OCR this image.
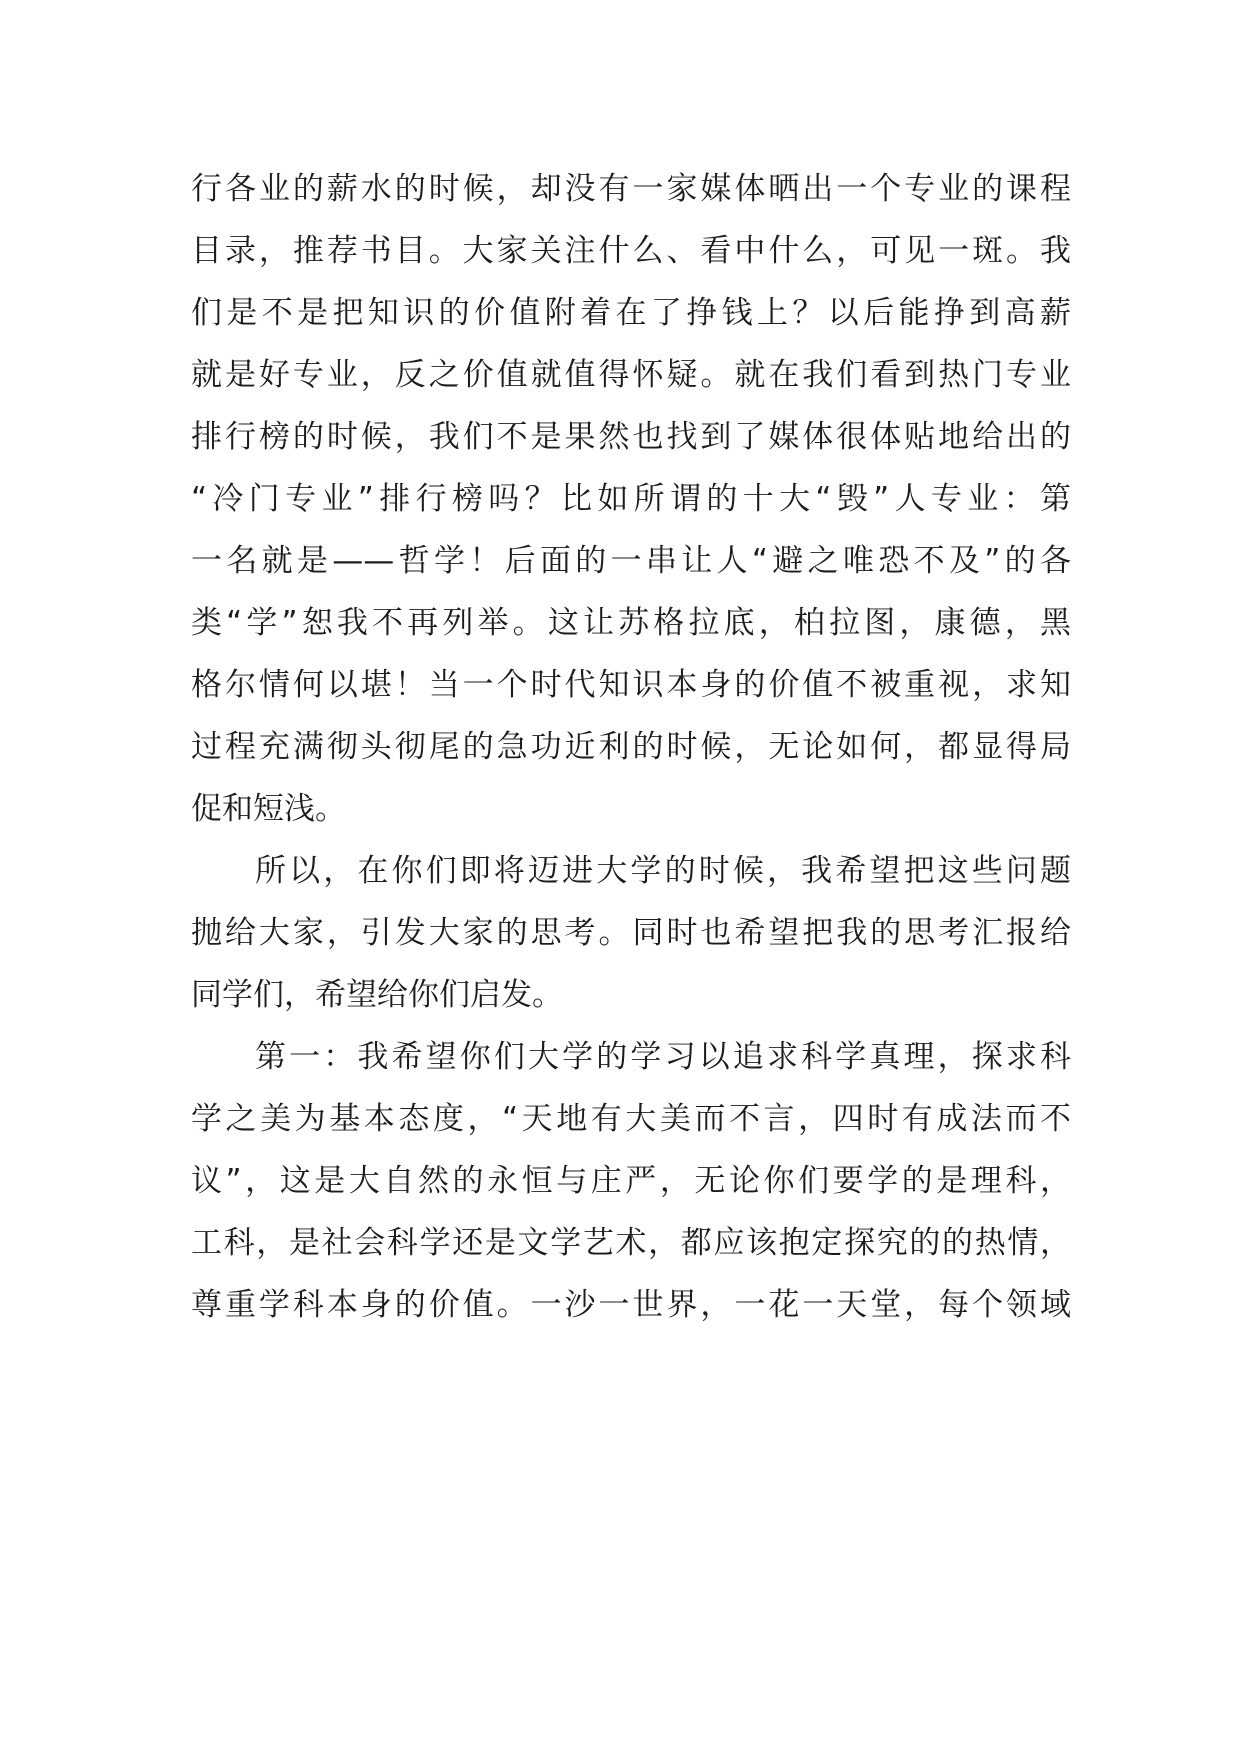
行各业的薪水的时候，却没有一家媒体晒出一个专业的课程
目录，推荐书目。大家关注什么、看中什么，可见一斑。我
们是不是把知识的价值附着在了挣钱上？以后能挣到高薪
就是好专业，反之价值就值得怀疑。就在我们看到热门专业
排行榜的时候，我们不是果然也找到了媒体很体贴地给出的
“冷门专业”排行榜吗？比如所谓的十大“毁”人专业：第
一名就是——哲学！后面的一串让人“避之唯恐不及”的各
类“学”恕我不再列举。这让苏格拉底，柏拉图，康德，黑
格尔情何以堪！当一个时代知识本身的价值不被重视，求知
过程充满彻头彻尾的急功近利的时候，无论如何，都显得局
促和短浅。
所以，在你们即将迈进大学的时候，我希望把这些问题
抛给大家，引发大家的思考。同时也希望把我的思考汇报给
同学们，希望给你们启发。
第一：我希望你们大学的学习以追求科学真理，探求科
学之美为基本态度，“天地有大美而不言，四时有成法而不
议”，这是大自然的永恒与庄严，无论你们要学的是理科，
工科，是社会科学还是文学艺术，都应该抱定探究的的热情，
尊重学科本身的价值。一沙一世界，一花一天堂，每个领域
